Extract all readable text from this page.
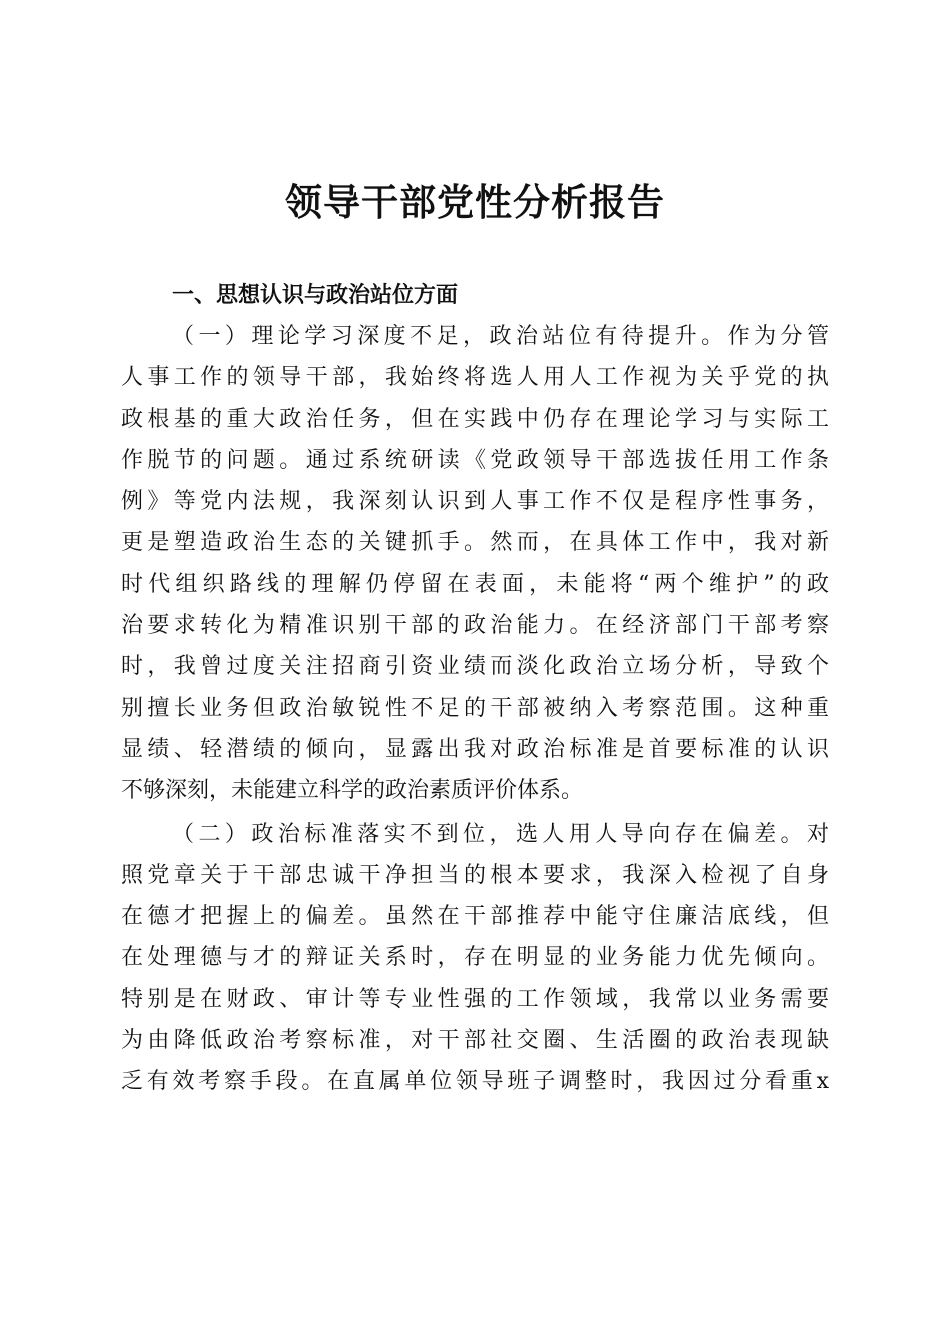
领导干部党性分析报告
一、思想认识与政治站位方面
（一）理论学习深度不足，政治站位有待提升。作为分管
人事工作的领导干部，我始终将选人用人工作视为关乎党的执
政根基的重大政治任务，但在实践中仍存在理论学习与实际工
作脱节的问题。通过系统研读《党政领导干部选拔任用工作条
例》等党内法规，我深刻认识到人事工作不仅是程序性事务，
更是塑造政治生态的关键抓手。然而，在具体工作中，我对新
时代组织路线的理解仍停留在表面，未能将“两个维护”的政
治要求转化为精准识别干部的政治能力。在经济部门干部考察
时，我曾过度关注招商引资业绩而淡化政治立场分析，导致个
别擅长业务但政治敏锐性不足的干部被纳入考察范围。这种重
显绩、轻潜绩的倾向，显露出我对政治标准是首要标准的认识
不够深刻，未能建立科学的政治素质评价体系。
（二）政治标准落实不到位，选人用人导向存在偏差。对
照党章关于干部忠诚干净担当的根本要求，我深入检视了自身
在德才把握上的偏差。虽然在干部推荐中能守住廉洁底线，但
在处理德与才的辩证关系时，存在明显的业务能力优先倾向。
特别是在财政、审计等专业性强的工作领域，我常以业务需要
为由降低政治考察标准，对干部社交圈、生活圈的政治表现缺
乏有效考察手段。在直属单位领导班子调整时，我因过分看重x
